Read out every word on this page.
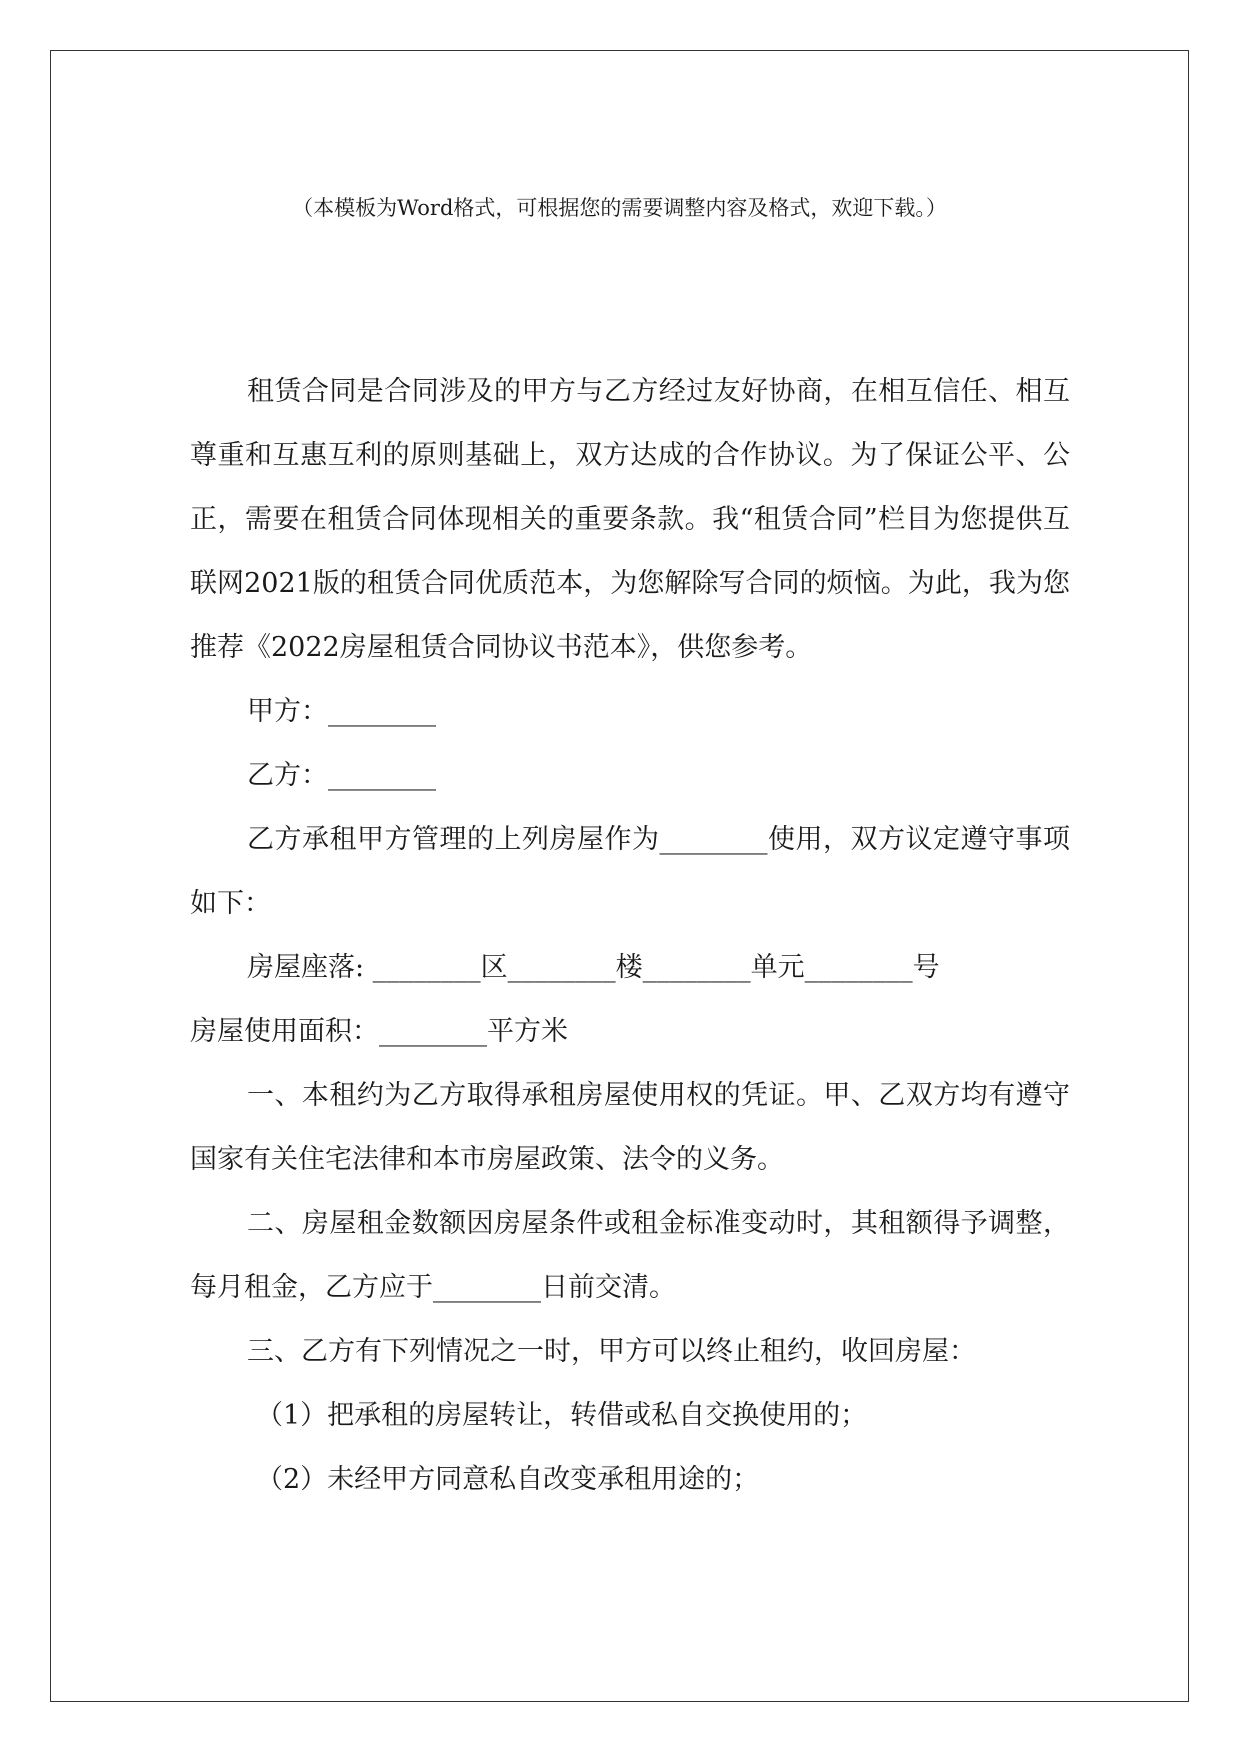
（本模板为Word格式，可根据您的需要调整内容及格式，欢迎下载。）

租赁合同是合同涉及的甲方与乙方经过友好协商，在相互信任、相互尊重和互惠互利的原则基础上，双方达成的合作协议。为了保证公平、公正，需要在租赁合同体现相关的重要条款。我“租赁合同”栏目为您提供互联网2021版的租赁合同优质范本，为您解除写合同的烦恼。为此，我为您推荐《2022房屋租赁合同协议书范本》，供您参考。

甲方：________

乙方：________

乙方承租甲方管理的上列房屋作为________使用，双方议定遵守事项如下：

房屋座落: ________区________楼________单元________号

房屋使用面积：________平方米

一、本租约为乙方取得承租房屋使用权的凭证。甲、乙双方均有遵守国家有关住宅法律和本市房屋政策、法令的义务。

二、房屋租金数额因房屋条件或租金标准变动时，其租额得予调整，每月租金，乙方应于________日前交清。

三、乙方有下列情况之一时，甲方可以终止租约，收回房屋：

（1）把承租的房屋转让，转借或私自交换使用的；

（2）未经甲方同意私自改变承租用途的；
